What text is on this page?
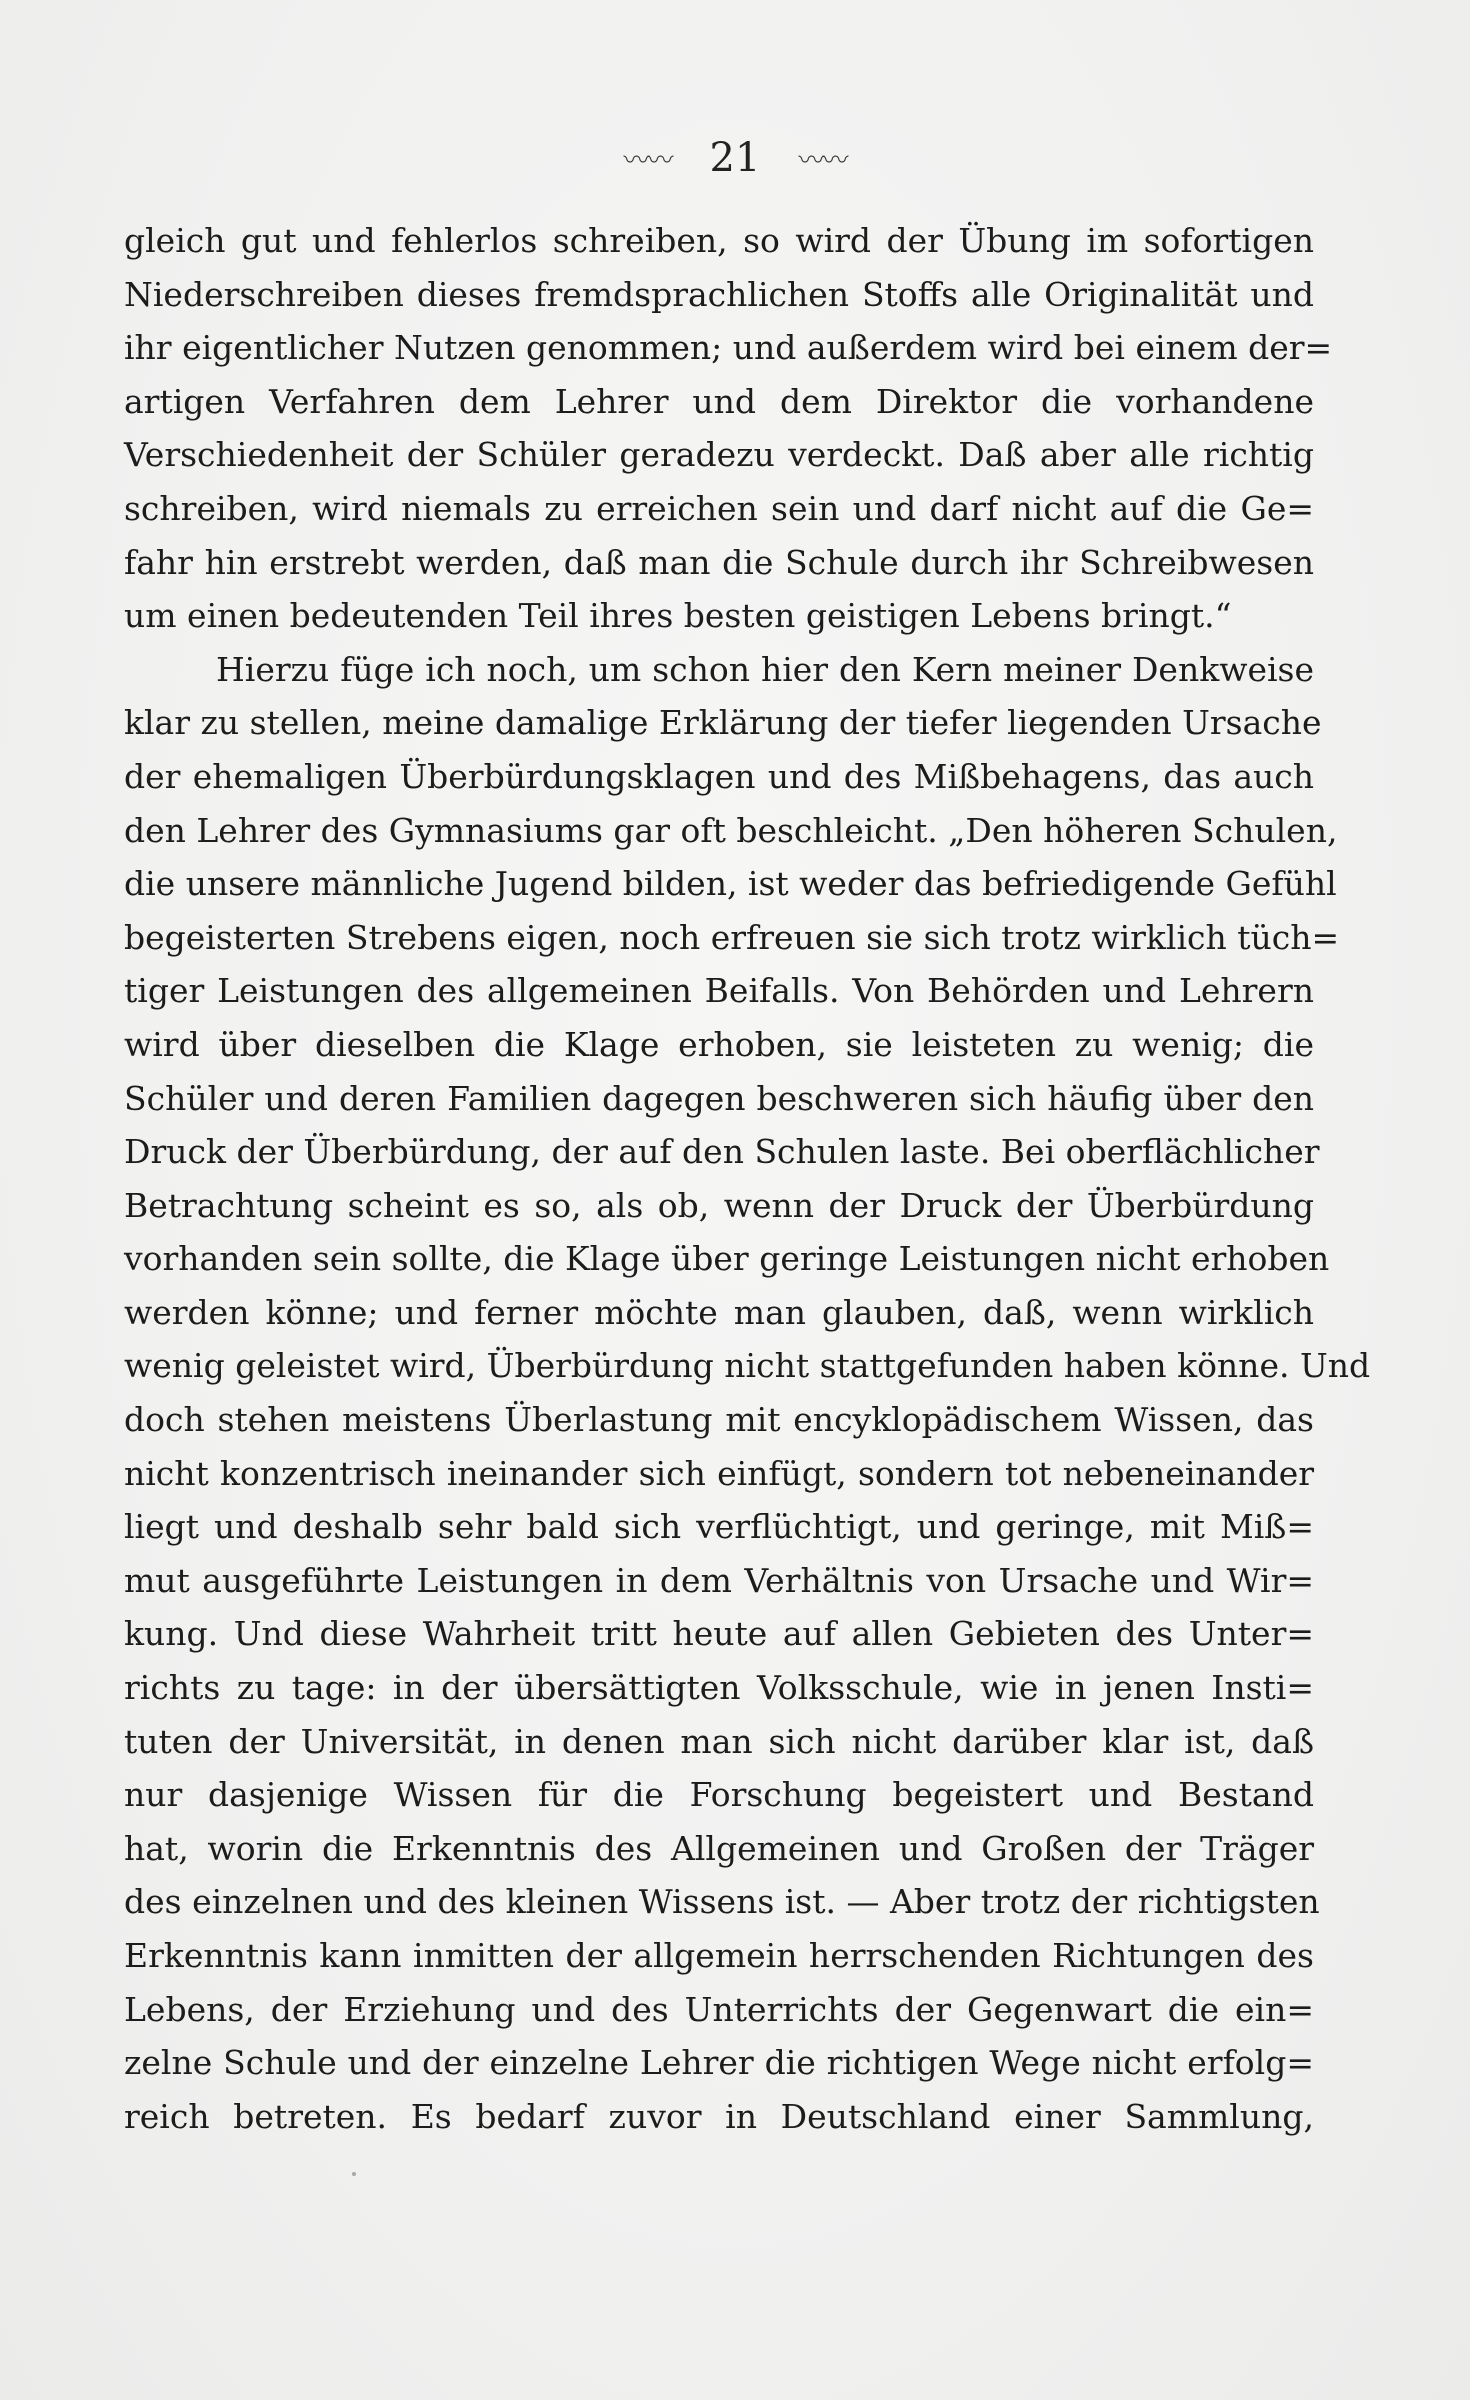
〰〰 21 〰〰
gleich gut und fehlerlos schreiben, so wird der Übung im sofortigen
Niederschreiben dieses fremdsprachlichen Stoffs alle Originalität und
ihr eigentlicher Nutzen genommen; und außerdem wird bei einem der=
artigen Verfahren dem Lehrer und dem Direktor die vorhandene
Verschiedenheit der Schüler geradezu verdeckt. Daß aber alle richtig
schreiben, wird niemals zu erreichen sein und darf nicht auf die Ge=
fahr hin erstrebt werden, daß man die Schule durch ihr Schreibwesen
um einen bedeutenden Teil ihres besten geistigen Lebens bringt.“
Hierzu füge ich noch, um schon hier den Kern meiner Denkweise
klar zu stellen, meine damalige Erklärung der tiefer liegenden Ursache
der ehemaligen Überbürdungsklagen und des Mißbehagens, das auch
den Lehrer des Gymnasiums gar oft beschleicht. „Den höheren Schulen,
die unsere männliche Jugend bilden, ist weder das befriedigende Gefühl
begeisterten Strebens eigen, noch erfreuen sie sich trotz wirklich tüch=
tiger Leistungen des allgemeinen Beifalls. Von Behörden und Lehrern
wird über dieselben die Klage erhoben, sie leisteten zu wenig; die
Schüler und deren Familien dagegen beschweren sich häufig über den
Druck der Überbürdung, der auf den Schulen laste. Bei oberflächlicher
Betrachtung scheint es so, als ob, wenn der Druck der Überbürdung
vorhanden sein sollte, die Klage über geringe Leistungen nicht erhoben
werden könne; und ferner möchte man glauben, daß, wenn wirklich
wenig geleistet wird, Überbürdung nicht stattgefunden haben könne. Und
doch stehen meistens Überlastung mit encyklopädischem Wissen, das
nicht konzentrisch ineinander sich einfügt, sondern tot nebeneinander
liegt und deshalb sehr bald sich verflüchtigt, und geringe, mit Miß=
mut ausgeführte Leistungen in dem Verhältnis von Ursache und Wir=
kung. Und diese Wahrheit tritt heute auf allen Gebieten des Unter=
richts zu tage: in der übersättigten Volksschule, wie in jenen Insti=
tuten der Universität, in denen man sich nicht darüber klar ist, daß
nur dasjenige Wissen für die Forschung begeistert und Bestand
hat, worin die Erkenntnis des Allgemeinen und Großen der Träger
des einzelnen und des kleinen Wissens ist. — Aber trotz der richtigsten
Erkenntnis kann inmitten der allgemein herrschenden Richtungen des
Lebens, der Erziehung und des Unterrichts der Gegenwart die ein=
zelne Schule und der einzelne Lehrer die richtigen Wege nicht erfolg=
reich betreten. Es bedarf zuvor in Deutschland einer Sammlung,
